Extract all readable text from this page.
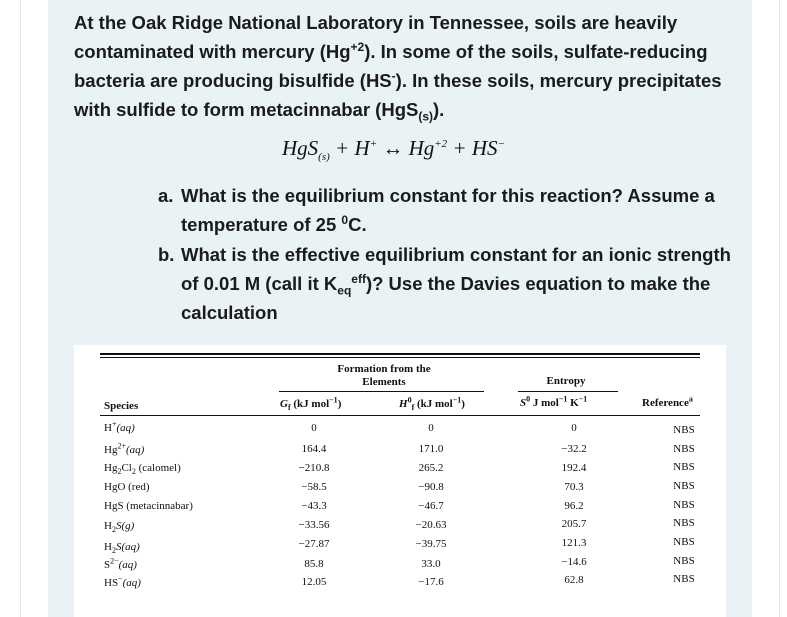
At the Oak Ridge National Laboratory in Tennessee, soils are heavily contaminated with mercury $(Hg^{+2})$. In some of the soils, sulfate-reducing bacteria are producing bisulfide (HS-). In these soils, mercury precipitates with sulfide to form metacinnabar (HgS$_{(s)}$).
HgS$_{(s)}$ + H+ ↔ $Hg^{+2} + HS^-$
a. What is the equilibrium constant for this reaction? Assume a temperature of 25 $^0$C.
b. What is the effective equilibrium constant for an ionic strength of 0.01 M (call it $K_{eq}^{eff}$)? Use the Davies equation to make the calculation
Formation from the
Elements	Entropy
Species	$G_f$ (kJ mol$^{-1}$)	$H^0_f$ (kJ mol$^{-1}$)	$S^0$ J mol$^{-1}$ $K^{-1}$	Reference$^a$
H+(aq)	0	0	0	NBS
$Hg^{2+}(aq)$	164.4	171.0	−32.2	NBS
$Hg_2Cl_2$ (calomel)	−210.8	265.2	192.4	NBS
HgO (red)	−58.5	−90.8	70.3	NBS
HgS (metacinnabar)	−43.3	−46.7	96.2	NBS
$H_2S(g)$	−33.56	−20.63	205.7	NBS
$H_2S(aq)$	−27.87	−39.75	121.3	NBS
$S^{2-}(aq)$	85.8	33.0	−14.6	NBS
HS−(aq)	12.05	−17.6	62.8	NBS
